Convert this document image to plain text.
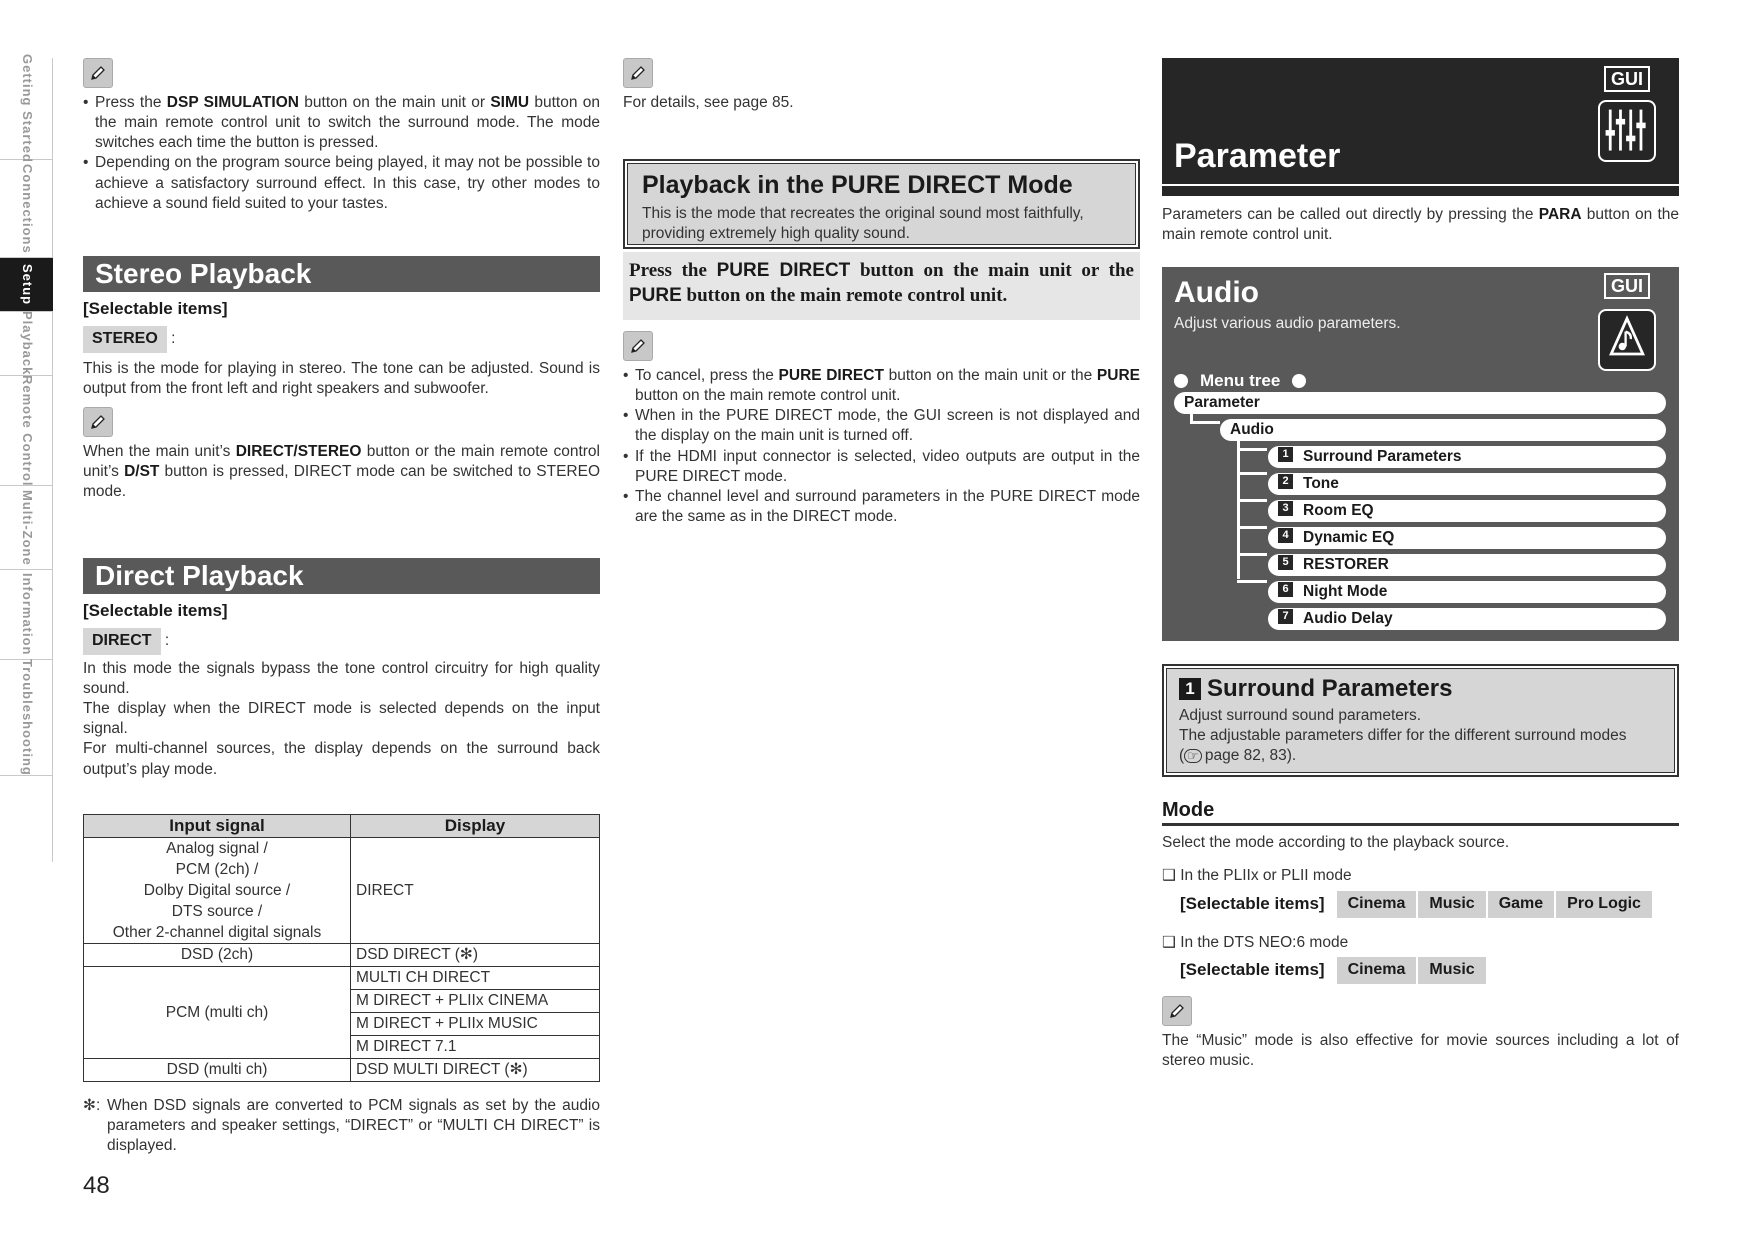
Getting Started
Connections
Setup
Playback
Remote Control
Multi-Zone
Information
Troubleshooting
• Press the DSP SIMULATION button on the main unit or SIMU button on the main remote control unit to switch the surround mode. The mode switches each time the button is pressed.
• Depending on the program source being played, it may not be possible to achieve a satisfactory surround effect. In this case, try other modes to achieve a sound field suited to your tastes.
Stereo Playback
[Selectable items]
STEREO :

This is the mode for playing in stereo. The tone can be adjusted. Sound is output from the front left and right speakers and subwoofer.

When the main unit’s DIRECT/STEREO button or the main remote control unit’s D/ST button is pressed, DIRECT mode can be switched to STEREO mode.

Direct Playback
[Selectable items]
DIRECT :

In this mode the signals bypass the tone control circuitry for high quality sound.

The display when the DIRECT mode is selected depends on the input signal.

For multi-channel sources, the display depends on the surround back output’s play mode.

Input signal	Display

Analog signal /
PCM (2ch) /
Dolby Digital source /
DTS source /
Other 2-channel digital signals	DIRECT
DSD (2ch)	DSD DIRECT (✻)
PCM (multi ch)	MULTI CH DIRECT
	M DIRECT + PLIIx CINEMA
	M DIRECT + PLIIx MUSIC
	M DIRECT 7.1
DSD (multi ch)	DSD MULTI DIRECT (✻)
✻: When DSD signals are converted to PCM signals as set by the audio parameters and speaker settings, “DIRECT” or “MULTI CH DIRECT” is displayed.

48

For details, see page 85.

Playback in the PURE DIRECT Mode

This is the mode that recreates the original sound most faithfully, providing extremely high quality sound.

Press the PURE DIRECT button on the main unit or the PURE button on the main remote control unit.
• To cancel, press the PURE DIRECT button on the main unit or the PURE button on the main remote control unit.
• When in the PURE DIRECT mode, the GUI screen is not displayed and the display on the main unit is turned off.
• If the HDMI input connector is selected, video outputs are output in the PURE DIRECT mode.
• The channel level and surround parameters in the PURE DIRECT mode are the same as in the DIRECT mode.
GUI
Parameter

Parameters can be called out directly by pressing the PARA button on the main remote control unit.

GUI
Audio
Adjust various audio parameters.
Menu tree
Parameter
Audio
1 Surround Parameters
2 Tone
3 Room EQ
4 Dynamic EQ
5 RESTORER
6 Night Mode
7 Audio Delay
1 Surround Parameters
Adjust surround sound parameters.
The adjustable parameters differ for the different surround modes
( ☞ page 82, 83).
Mode

Select the mode according to the playback source.

❑ In the PLIIx or PLII mode
[Selectable items]	Cinema	Music	Game	Pro Logic
❑ In the DTS NEO:6 mode
[Selectable items]	Cinema	Music

The “Music” mode is also effective for movie sources including a lot of stereo music.
